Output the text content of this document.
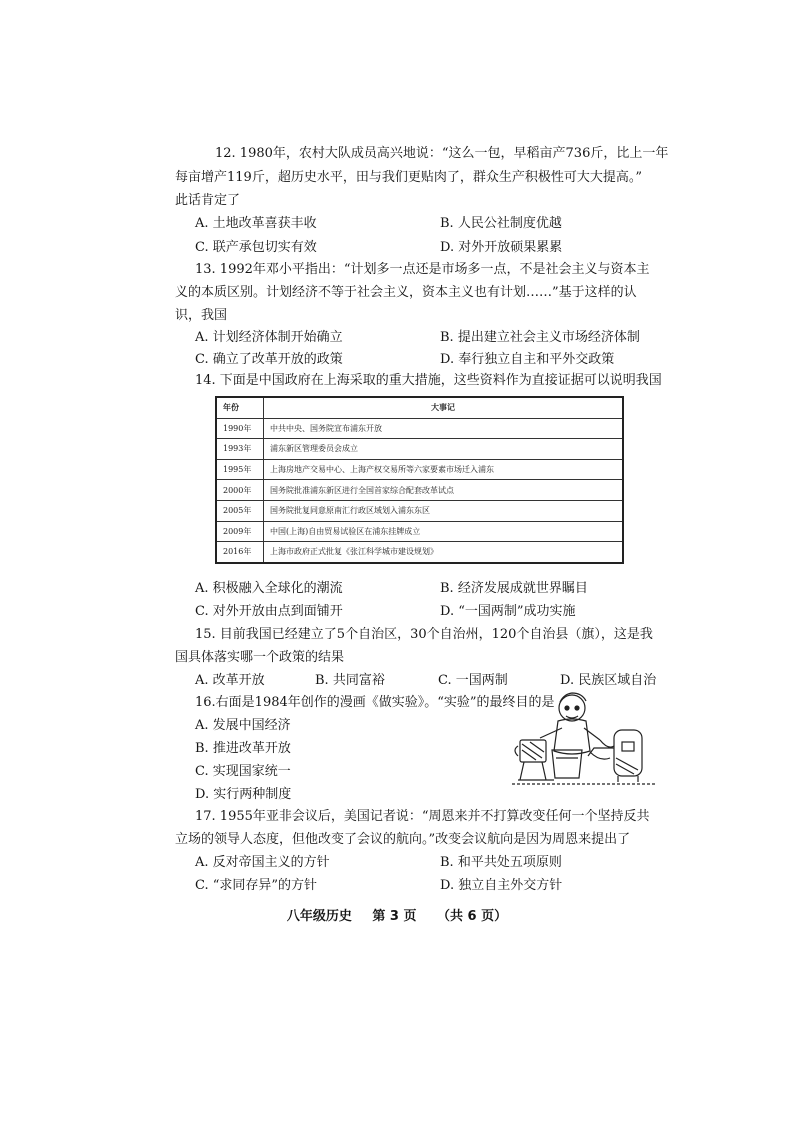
12. 1980年，农村大队成员高兴地说：“这么一包，早稻亩产736斤，比上一年
每亩增产119斤，超历史水平，田与我们更贴肉了，群众生产积极性可大大提高。”
此话肯定了
A. 土地改革喜获丰收	B. 人民公社制度优越
C. 联产承包切实有效	D. 对外开放硕果累累
13. 1992年邓小平指出：“计划多一点还是市场多一点，不是社会主义与资本主
义的本质区别。计划经济不等于社会主义，资本主义也有计划……”基于这样的认
识，我国
A. 计划经济体制开始确立	B. 提出建立社会主义市场经济体制
C. 确立了改革开放的政策	D. 奉行独立自主和平外交政策
14. 下面是中国政府在上海采取的重大措施，这些资料作为直接证据可以说明我国
年份	大事记
1990年	中共中央、国务院宣布浦东开放
1993年	浦东新区管理委员会成立
1995年	上海房地产交易中心、上海产权交易所等六家要素市场迁入浦东
2000年	国务院批准浦东新区进行全国首家综合配套改革试点
2005年	国务院批复同意原南汇行政区域划入浦东东区
2009年	中国(上海)自由贸易试验区在浦东挂牌成立
2016年	上海市政府正式批复《张江科学城市建设规划》
A. 积极融入全球化的潮流	B. 经济发展成就世界瞩目
C. 对外开放由点到面铺开	D. “一国两制”成功实施
15. 目前我国已经建立了5个自治区，30个自治州，120个自治县（旗），这是我
国具体落实哪一个政策的结果
A. 改革开放	B. 共同富裕	C. 一国两制	D. 民族区域自治
16.右面是1984年创作的漫画《做实验》。“实验”的最终目的是
A. 发展中国经济
B. 推进改革开放
C. 实现国家统一
D. 实行两种制度
17. 1955年亚非会议后，美国记者说：“周恩来并不打算改变任何一个坚持反共
立场的领导人态度，但他改变了会议的航向。”改变会议航向是因为周恩来提出了
A. 反对帝国主义的方针	B. 和平共处五项原则
C. “求同存异”的方针	D. 独立自主外交方针
八年级历史 第 3 页 （共 6 页）
